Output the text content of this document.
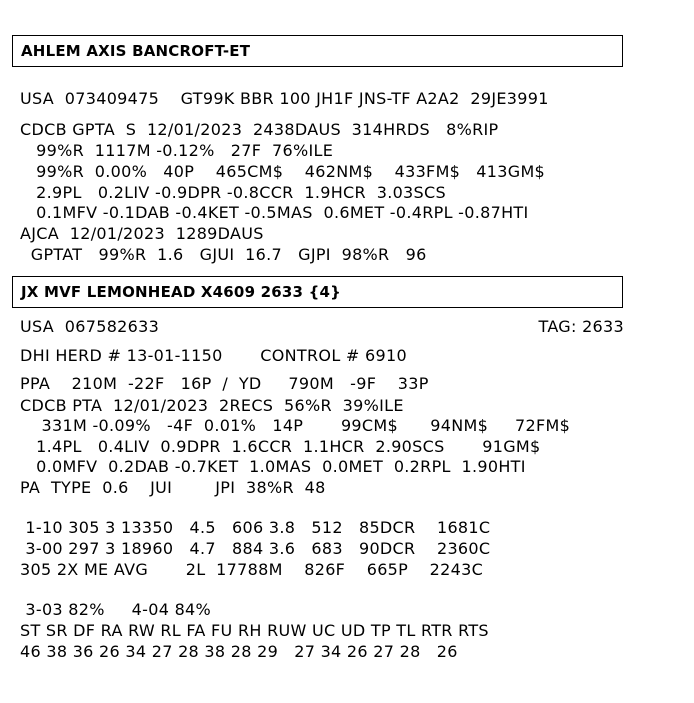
AHLEM AXIS BANCROFT-ET
USA  073409475    GT99K BBR 100 JH1F JNS-TF A2A2  29JE3991
CDCB GPTA  S  12/01/2023  2438DAUS  314HRDS   8%RIP
99%R  1117M -0.12%   27F  76%ILE
99%R  0.00%   40P    465CM$    462NM$    433FM$   413GM$
2.9PL   0.2LIV -0.9DPR -0.8CCR  1.9HCR  3.03SCS
0.1MFV -0.1DAB -0.4KET -0.5MAS  0.6MET -0.4RPL -0.87HTI
AJCA  12/01/2023  1289DAUS
GPTAT   99%R  1.6   GJUI  16.7   GJPI  98%R   96
JX MVF LEMONHEAD X4609 2633 {4}
USA  067582633	TAG: 2633
DHI HERD # 13-01-1150       CONTROL # 6910
PPA    210M  -22F   16P  /  YD     790M   -9F    33P
CDCB PTA  12/01/2023  2RECS  56%R  39%ILE
331M -0.09%   -4F  0.01%   14P       99CM$      94NM$     72FM$
1.4PL   0.4LIV  0.9DPR  1.6CCR  1.1HCR  2.90SCS       91GM$
0.0MFV  0.2DAB -0.7KET  1.0MAS  0.0MET  0.2RPL  1.90HTI
PA  TYPE  0.6    JUI        JPI  38%R  48
1-10 305 3 13350   4.5   606 3.8   512   85DCR    1681C
3-00 297 3 18960   4.7   884 3.6   683   90DCR    2360C
305 2X ME AVG       2L  17788M    826F    665P    2243C
3-03 82%     4-04 84%
ST SR DF RA RW RL FA FU RH RUW UC UD TP TL RTR RTS
46 38 36 26 34 27 28 38 28 29   27 34 26 27 28   26
